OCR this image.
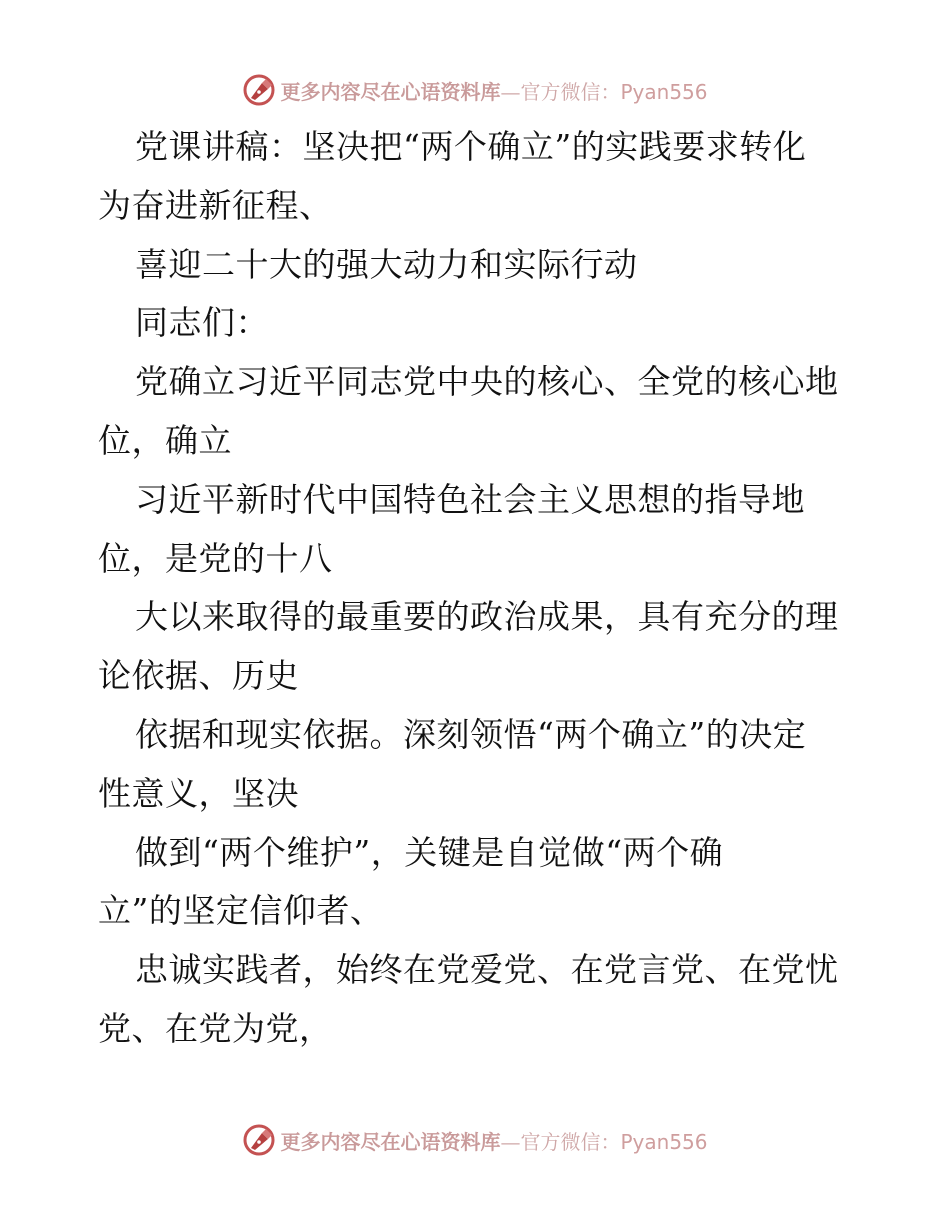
更多内容尽在心语资料库—官方微信：Pyan556
党课讲稿：坚决把“两个确立”的实践要求转化
为奋进新征程、
喜迎二十大的强大动力和实际行动
同志们：
党确立习近平同志党中央的核心、全党的核心地
位，确立
习近平新时代中国特色社会主义思想的指导地
位，是党的十八
大以来取得的最重要的政治成果，具有充分的理
论依据、历史
依据和现实依据。深刻领悟“两个确立”的决定
性意义，坚决
做到“两个维护”，关键是自觉做“两个确
立”的坚定信仰者、
忠诚实践者，始终在党爱党、在党言党、在党忧
党、在党为党，
更多内容尽在心语资料库—官方微信：Pyan556
